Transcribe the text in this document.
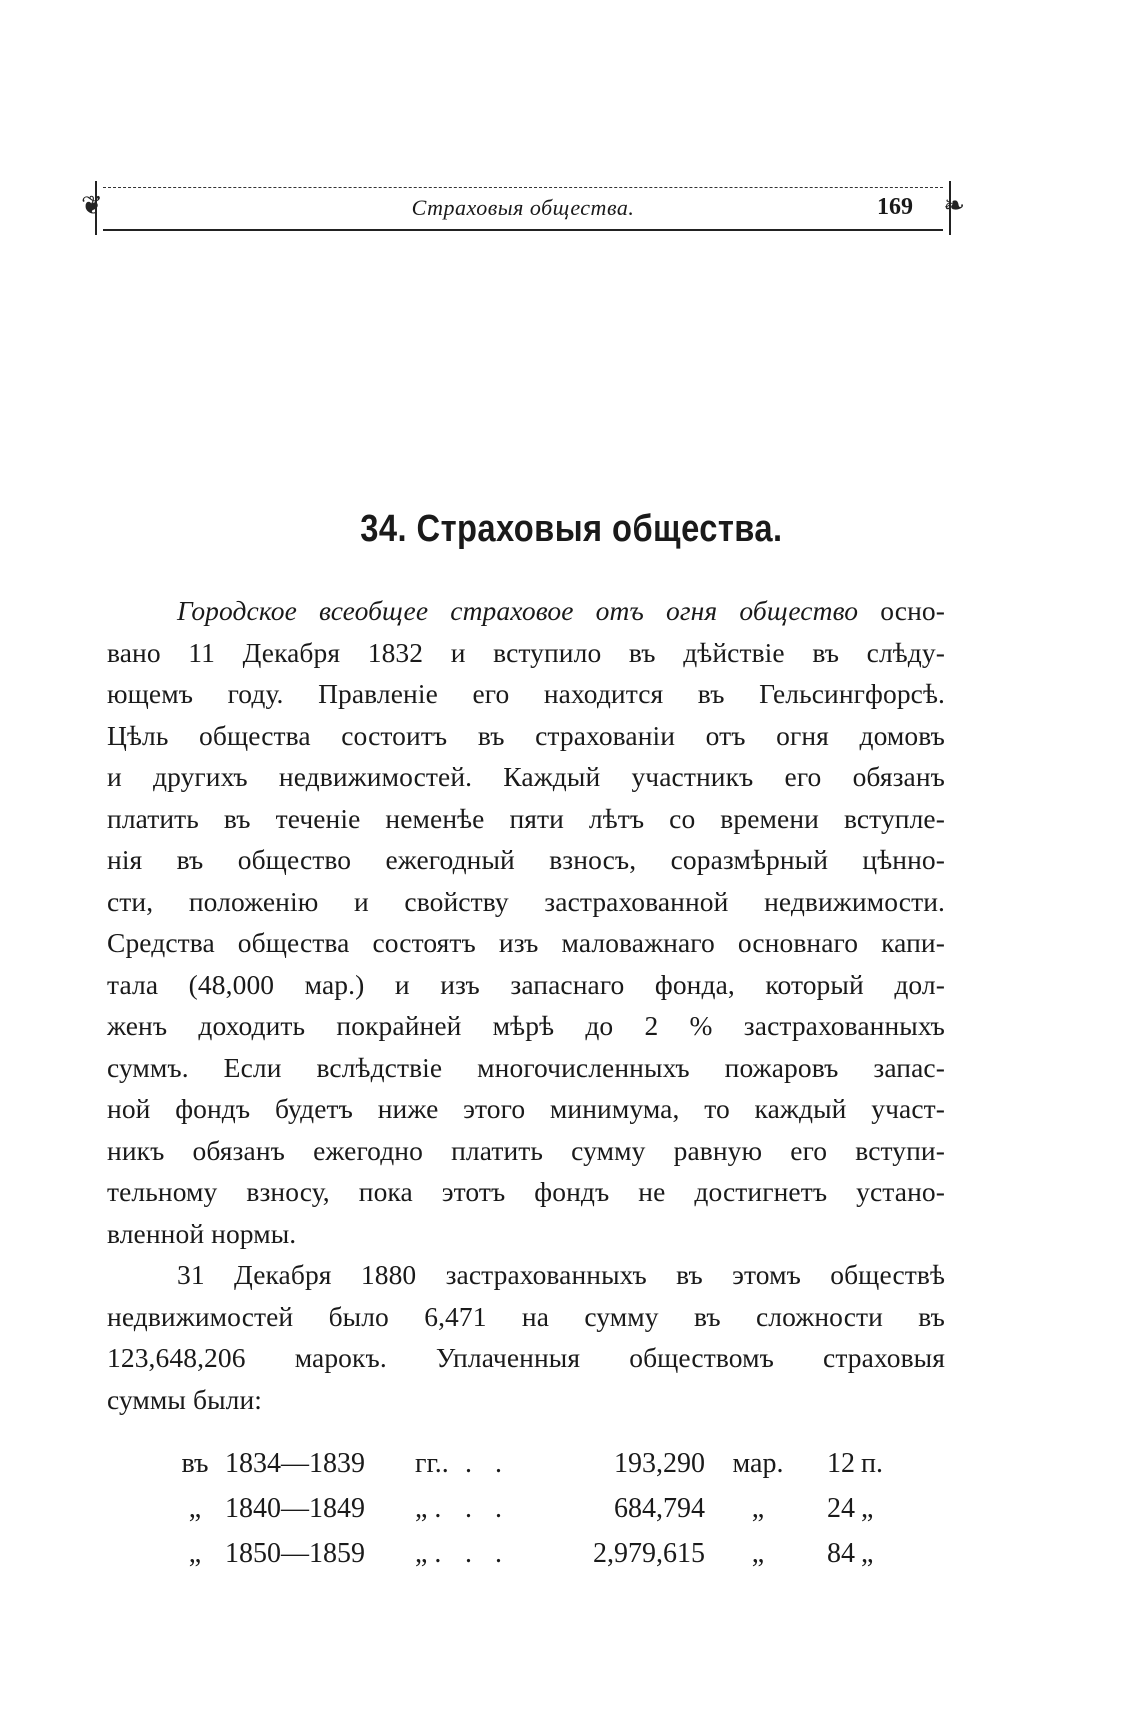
❦	❧
Страховыя общества.	169
34. Страховыя общества.
Городское всеобщее страховое отъ огня общество осно-
вано 11 Декабря 1832 и вступило въ дѣйствіе въ слѣду-
ющемъ году. Правленіе его находится въ Гельсингфорсѣ.
Цѣль общества состоитъ въ страхованіи отъ огня домовъ
и другихъ недвижимостей. Каждый участникъ его обязанъ
платить въ теченіе неменѣе пяти лѣтъ со времени вступле-
нія въ общество ежегодный взносъ, соразмѣрный цѣнно-
сти, положенію и свойству застрахованной недвижимости.
Средства общества состоятъ изъ маловажнаго основнаго капи-
тала (48,000 мар.) и изъ запаснаго фонда, который дол-
женъ доходить покрайней мѣрѣ до 2 % застрахованныхъ
суммъ. Если вслѣдствіе многочисленныхъ пожаровъ запас-
ной фондъ будетъ ниже этого минимума, то каждый участ-
никъ обязанъ ежегодно платить сумму равную его вступи-
тельному взносу, пока этотъ фондъ не достигнетъ устано-
вленной нормы.
31 Декабря 1880 застрахованныхъ въ этомъ обществѣ
недвижимостей было 6,471 на сумму въ сложности въ
123,648,206 марокъ. Уплаченныя обществомъ страховыя
суммы были:
въ 1834—1839 гг.. . .	193,290 мар.	12 п.
„ 1840—1849 „ . . .	684,794	„	24 „
„ 1850—1859 „ . . .	2,979,615	„	84 „
